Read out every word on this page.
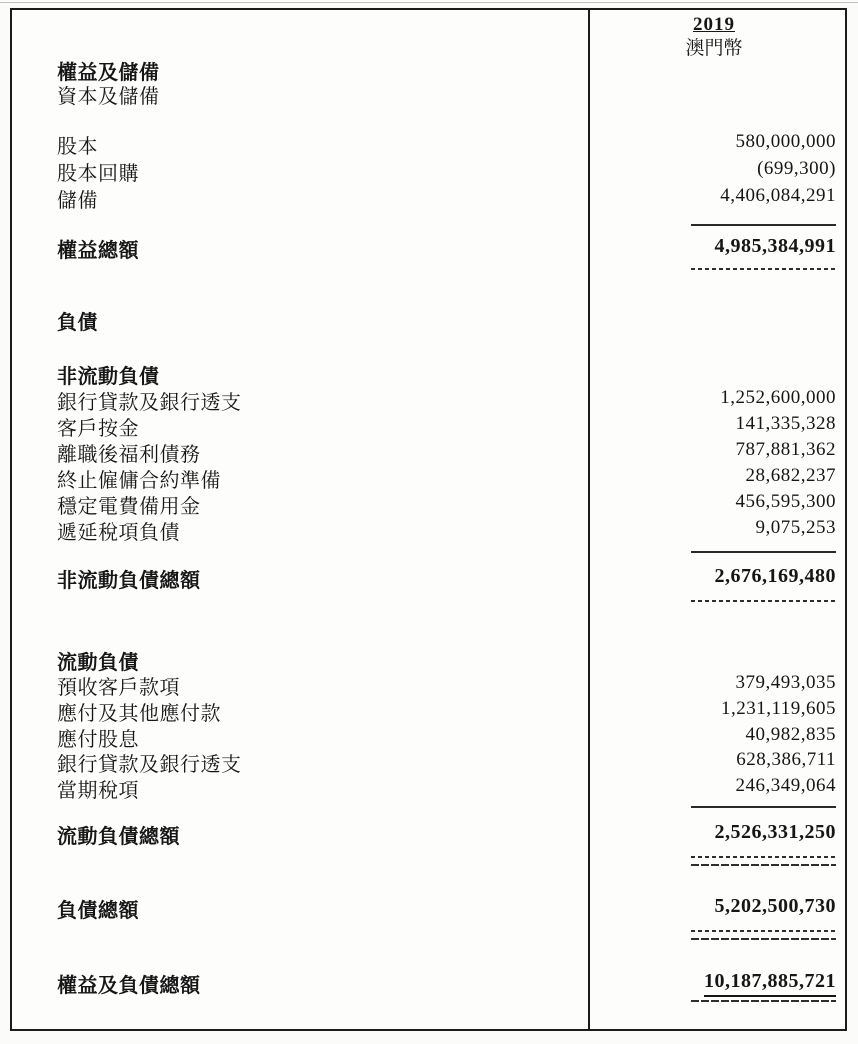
2019
澳門幣
權益及儲備
資本及儲備
股本	580,000,000
股本回購	(699,300)
儲備	4,406,084,291
權益總額	4,985,384,991
負債
非流動負債
銀行貸款及銀行透支	1,252,600,000
客戶按金	141,335,328
離職後福利債務	787,881,362
終止僱傭合約準備	28,682,237
穩定電費備用金	456,595,300
遞延稅項負債	9,075,253
非流動負債總額	2,676,169,480
流動負債
預收客戶款項	379,493,035
應付及其他應付款	1,231,119,605
應付股息	40,982,835
銀行貸款及銀行透支	628,386,711
當期稅項	246,349,064
流動負債總額	2,526,331,250
負債總額	5,202,500,730
權益及負債總額	10,187,885,721
